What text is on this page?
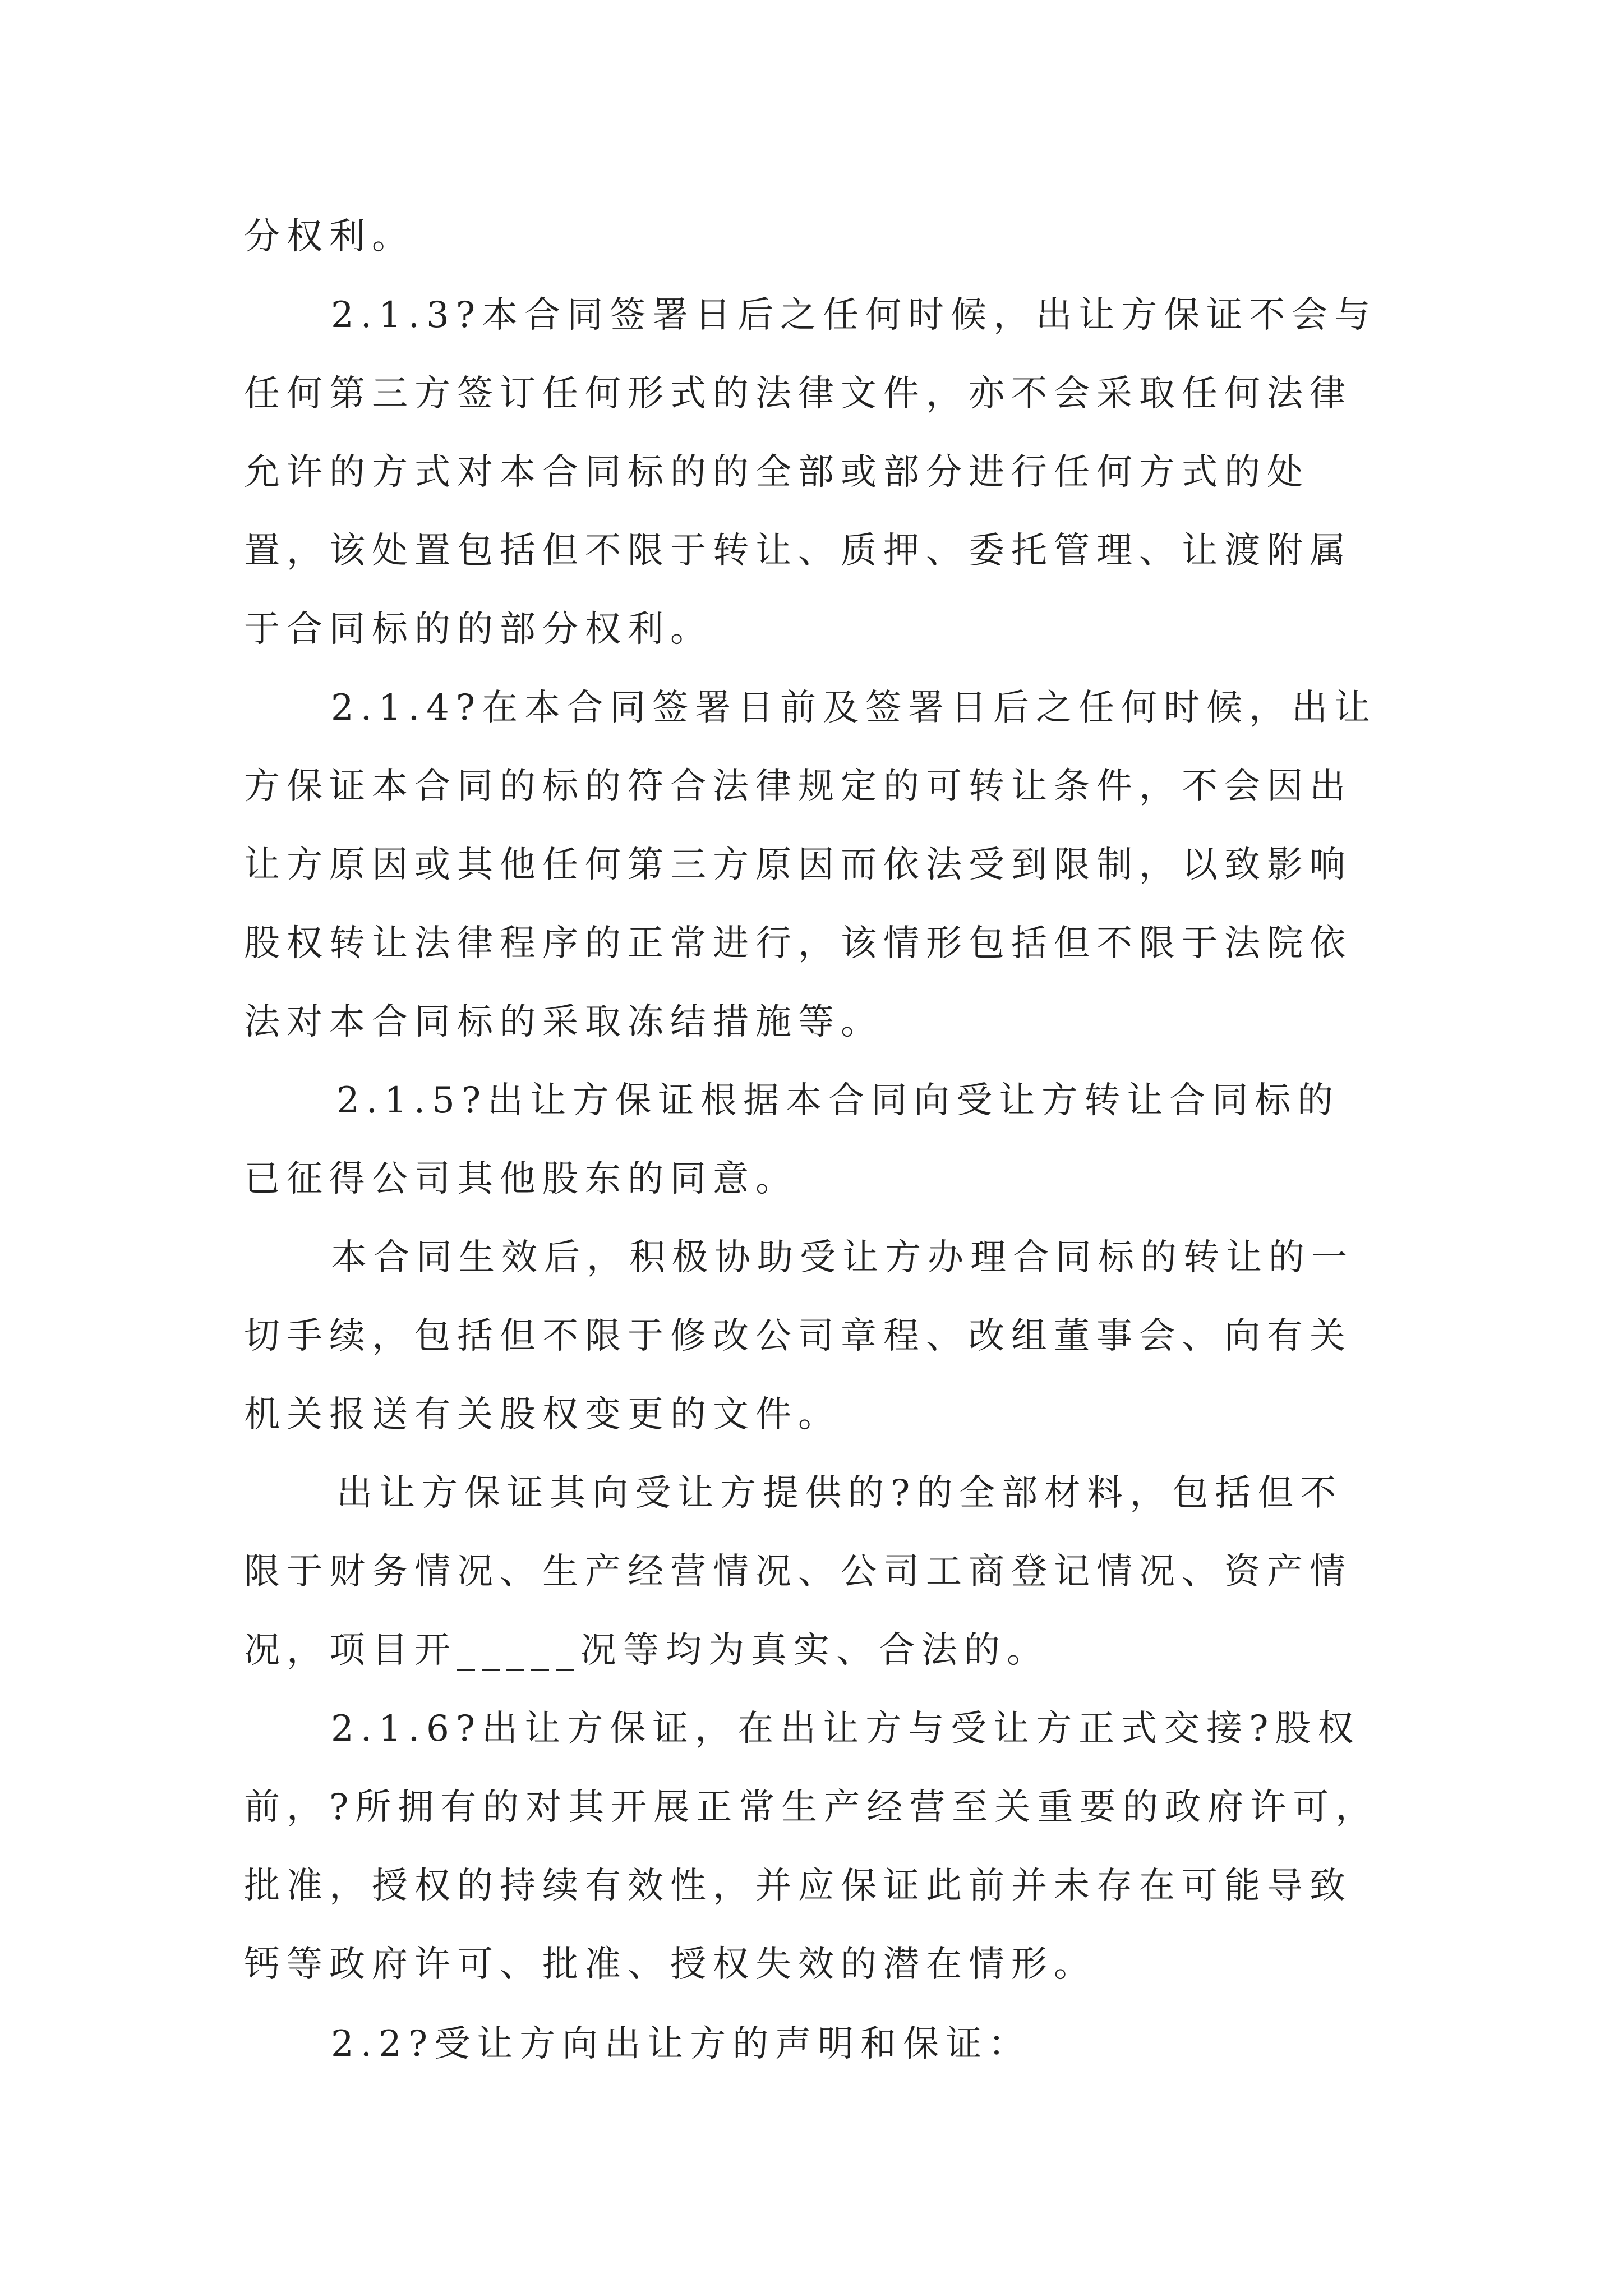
分权利。
2.1.3?本合同签署日后之任何时候，出让方保证不会与
任何第三方签订任何形式的法律文件，亦不会采取任何法律
允许的方式对本合同标的的全部或部分进行任何方式的处
置，该处置包括但不限于转让、质押、委托管理、让渡附属
于合同标的的部分权利。
2.1.4?在本合同签署日前及签署日后之任何时候，出让
方保证本合同的标的符合法律规定的可转让条件，不会因出
让方原因或其他任何第三方原因而依法受到限制，以致影响
股权转让法律程序的正常进行，该情形包括但不限于法院依
法对本合同标的采取冻结措施等。
2.1.5?出让方保证根据本合同向受让方转让合同标的
已征得公司其他股东的同意。
本合同生效后，积极协助受让方办理合同标的转让的一
切手续，包括但不限于修改公司章程、改组董事会、向有关
机关报送有关股权变更的文件。
出让方保证其向受让方提供的?的全部材料，包括但不
限于财务情况、生产经营情况、公司工商登记情况、资产情
况，项目开_____况等均为真实、合法的。
2.1.6?出让方保证，在出让方与受让方正式交接?股权
前，?所拥有的对其开展正常生产经营至关重要的政府许可，
批准，授权的持续有效性，并应保证此前并未存在可能导致
钙等政府许可、批准、授权失效的潜在情形。
2.2?受让方向出让方的声明和保证：
